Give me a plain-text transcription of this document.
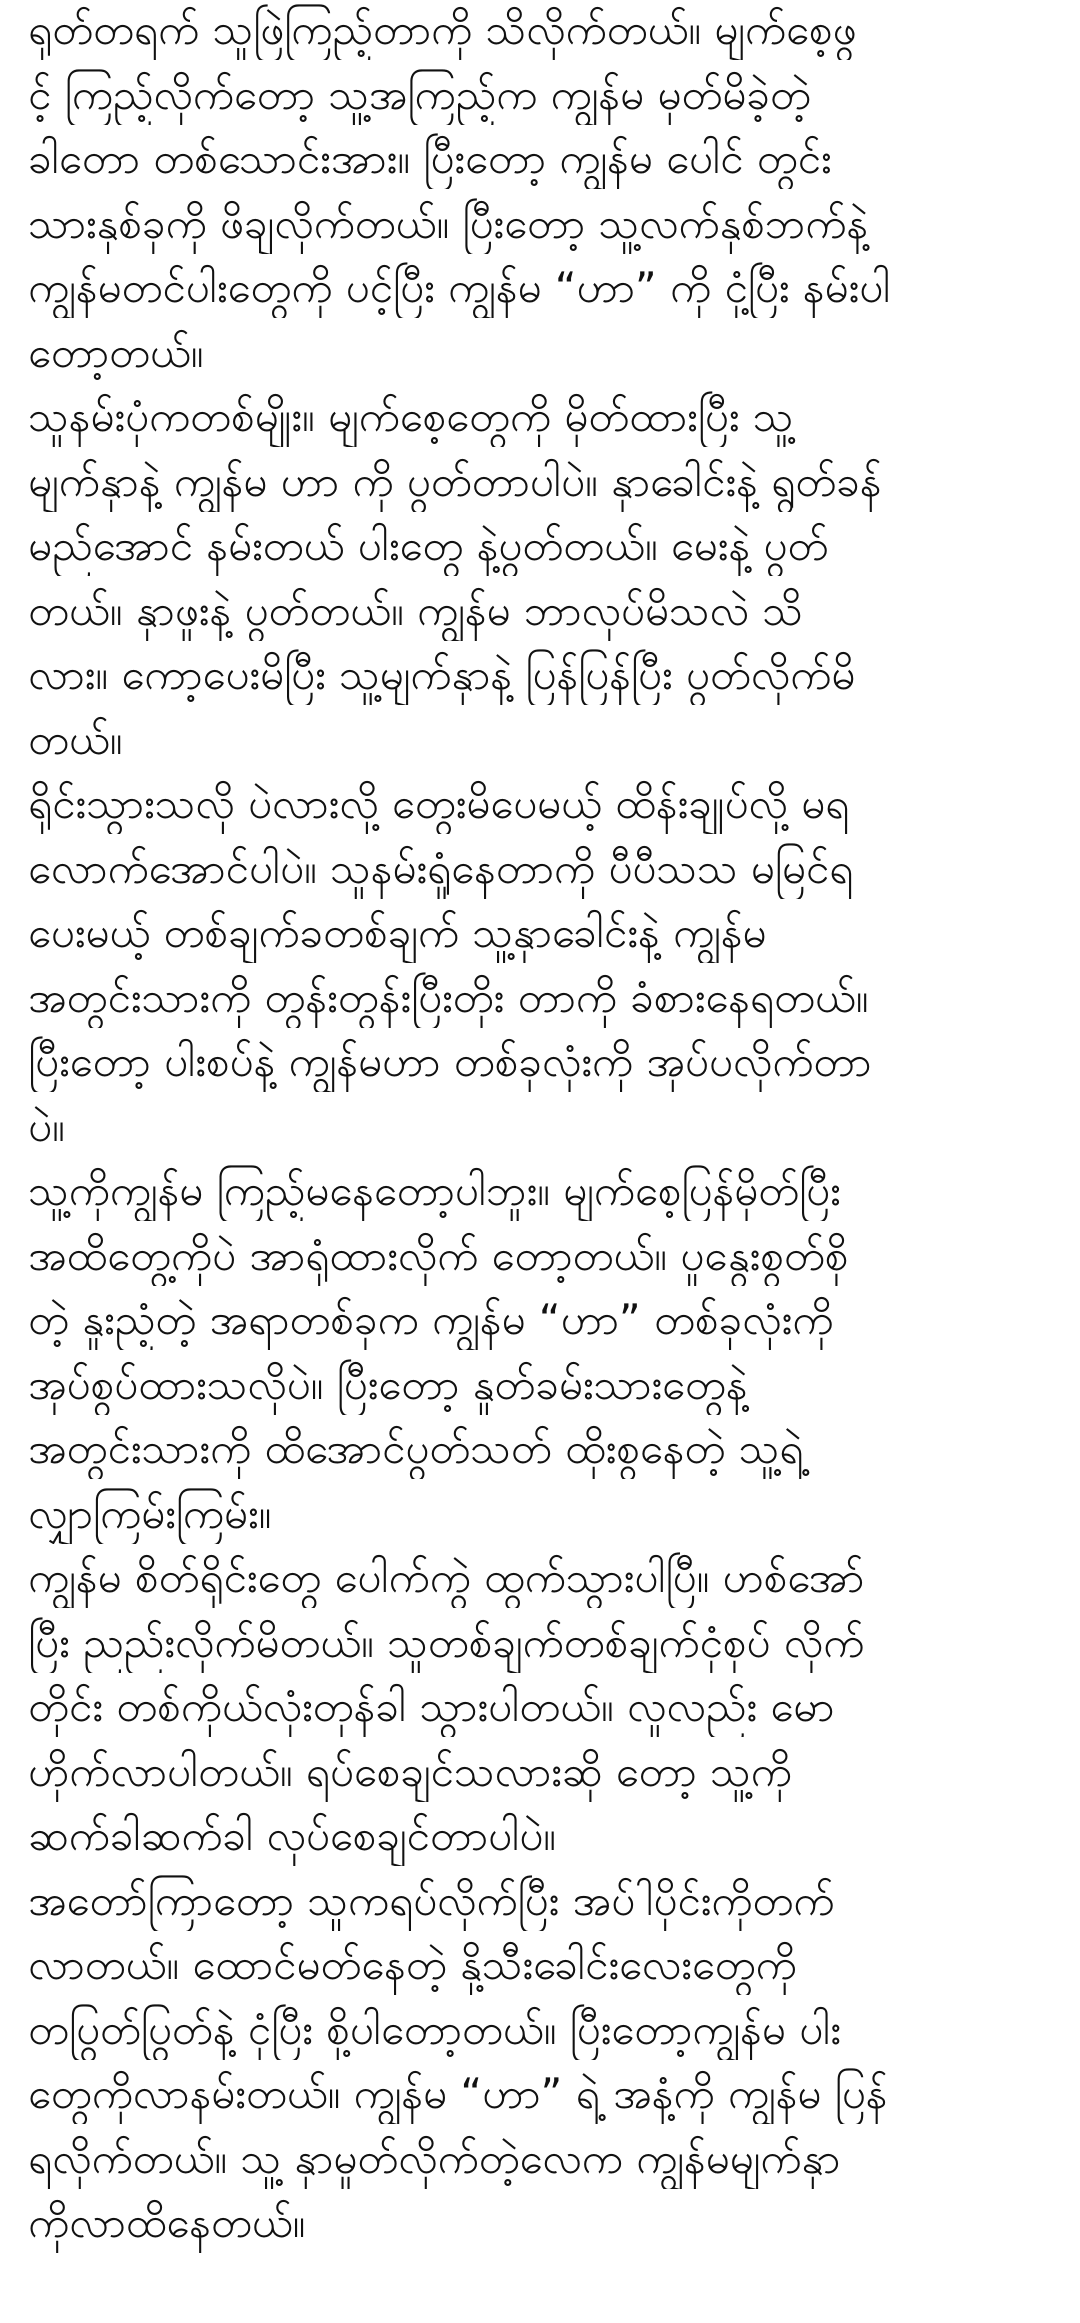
ရုတ်တရက် သူဖြဲကြည့်တာကို သိလိုက်တယ်။ မျက်စေ့ဖွ
င့် ကြည့်လိုက်တော့ သူ့အကြည့်က ကျွန်မ မှတ်မိခဲ့တဲ့
ခါတော တစ်သောင်းအား။ ပြီးတော့ ကျွန်မ ပေါင် တွင်း
သားနှစ်ခုကို ဖိချလိုက်တယ်။ ပြီးတော့ သူ့လက်နှစ်ဘက်နဲ့
ကျွန်မတင်ပါးတွေကို ပင့်ပြီး ကျွန်မ “ဟာ” ကို ငုံ့ပြီး နမ်းပါ
တော့တယ်။
သူနမ်းပုံကတစ်မျိုး။ မျက်စေ့တွေကို မှိတ်ထားပြီး သူ့
မျက်နှာနဲ့ ကျွန်မ ဟာ ကို ပွတ်တာပါပဲ။ နှာခေါင်းနဲ့ ရွတ်ခန်
မည်အောင် နမ်းတယ် ပါးတွေ နဲ့ပွတ်တယ်။ မေးနဲ့ ပွတ်
တယ်။ နှာဖူးနဲ့ ပွတ်တယ်။ ကျွန်မ ဘာလုပ်မိသလဲ သိ
လား။ ကော့ပေးမိပြီး သူ့မျက်နှာနဲ့ ပြန်ပြန်ပြီး ပွတ်လိုက်မိ
တယ်။
ရိုင်းသွားသလို ပဲလားလို့ တွေးမိပေမယ့် ထိန်းချုပ်လို့ မရ
လောက်အောင်ပါပဲ။ သူနမ်းရှုံနေတာကို ပီပီသသ မမြင်ရ
ပေးမယ့် တစ်ချက်ခတစ်ချက် သူ့နှာခေါင်းနဲ့ ကျွန်မ
အတွင်းသားကို တွန်းတွန်းပြီးတိုး တာကို ခံစားနေရတယ်။
ပြီးတော့ ပါးစပ်နဲ့ ကျွန်မဟာ တစ်ခုလုံးကို အုပ်ပလိုက်တာ
ပဲ။
သူ့ကိုကျွန်မ ကြည့်မနေတော့ပါဘူး။ မျက်စေ့ပြန်မှိတ်ပြီး
အထိတွေ့ကိုပဲ အာရုံထားလိုက် တော့တယ်။ ပူနွေးစွတ်စို
တဲ့ နူးညံ့တဲ့ အရာတစ်ခုက ကျွန်မ “ဟာ” တစ်ခုလုံးကို
အုပ်စွပ်ထားသလိုပဲ။ ပြီးတော့ နှုတ်ခမ်းသားတွေနဲ့
အတွင်းသားကို ထိအောင်ပွတ်သတ် ထိုးစွနေတဲ့ သူ့ရဲ့
လျှာကြမ်းကြမ်း။
ကျွန်မ စိတ်ရိုင်းတွေ ပေါက်ကွဲ ထွက်သွားပါပြီ။ ဟစ်အော်
ပြီး ညည်းလိုက်မိတယ်။ သူတစ်ချက်တစ်ချက်ငုံစုပ် လိုက်
တိုင်း တစ်ကိုယ်လုံးတုန်ခါ သွားပါတယ်။ လူလည်း မော
ဟိုက်လာပါတယ်။ ရပ်စေချင်သလားဆို တော့ သူ့ကို
ဆက်ခါဆက်ခါ လုပ်စေချင်တာပါပဲ။
အတော်ကြာတော့ သူကရပ်လိုက်ပြီး အပ်ါပိုင်းကိုတက်
လာတယ်။ ထောင်မတ်နေတဲ့ နို့သီးခေါင်းလေးတွေကို
တပြွတ်ပြွတ်နဲ့ ငုံပြီး စို့ပါတော့တယ်။ ပြီးတော့ကျွန်မ ပါး
တွေကိုလာနမ်းတယ်။ ကျွန်မ “ဟာ” ရဲ့ အနံ့ကို ကျွန်မ ပြန်
ရလိုက်တယ်။ သူ့ နှာမှုတ်လိုက်တဲ့လေက ကျွန်မမျက်နှာ
ကိုလာထိနေတယ်။
